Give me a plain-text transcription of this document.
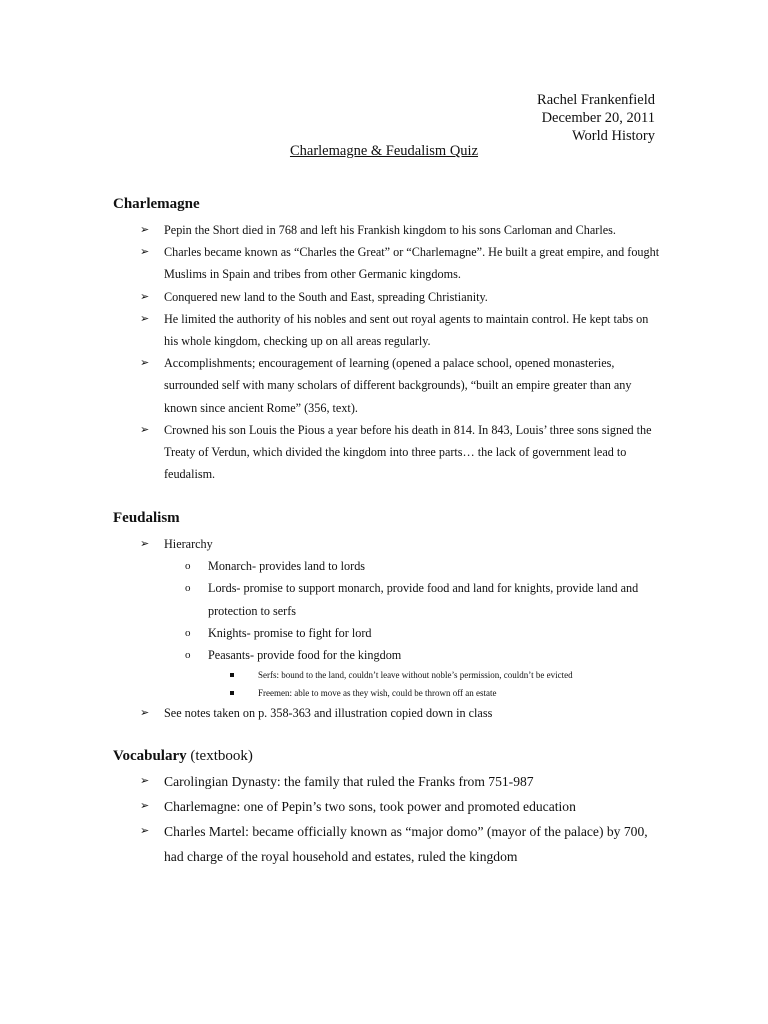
Rachel Frankenfield
December 20, 2011
World History
Charlemagne & Feudalism Quiz
Charlemagne
➢ Pepin the Short died in 768 and left his Frankish kingdom to his sons Carloman and Charles.
➢ Charles became known as “Charles the Great” or “Charlemagne”. He built a great empire, and fought Muslims in Spain and tribes from other Germanic kingdoms.
➢ Conquered new land to the South and East, spreading Christianity.
➢ He limited the authority of his nobles and sent out royal agents to maintain control. He kept tabs on his whole kingdom, checking up on all areas regularly.
➢ Accomplishments; encouragement of learning (opened a palace school, opened monasteries, surrounded self with many scholars of different backgrounds), “built an empire greater than any known since ancient Rome” (356, text).
➢ Crowned his son Louis the Pious a year before his death in 814. In 843, Louis’ three sons signed the Treaty of Verdun, which divided the kingdom into three parts… the lack of government lead to feudalism.
Feudalism
➢ Hierarchy
o Monarch- provides land to lords
o Lords- promise to support monarch, provide food and land for knights, provide land and protection to serfs
o Knights- promise to fight for lord
o Peasants- provide food for the kingdom
Serfs: bound to the land, couldn’t leave without noble’s permission, couldn’t be evicted
Freemen: able to move as they wish, could be thrown off an estate
➢ See notes taken on p. 358-363 and illustration copied down in class
Vocabulary (textbook)
➢ Carolingian Dynasty: the family that ruled the Franks from 751-987
➢ Charlemagne: one of Pepin’s two sons, took power and promoted education
➢ Charles Martel: became officially known as “major domo” (mayor of the palace) by 700, had charge of the royal household and estates, ruled the kingdom
